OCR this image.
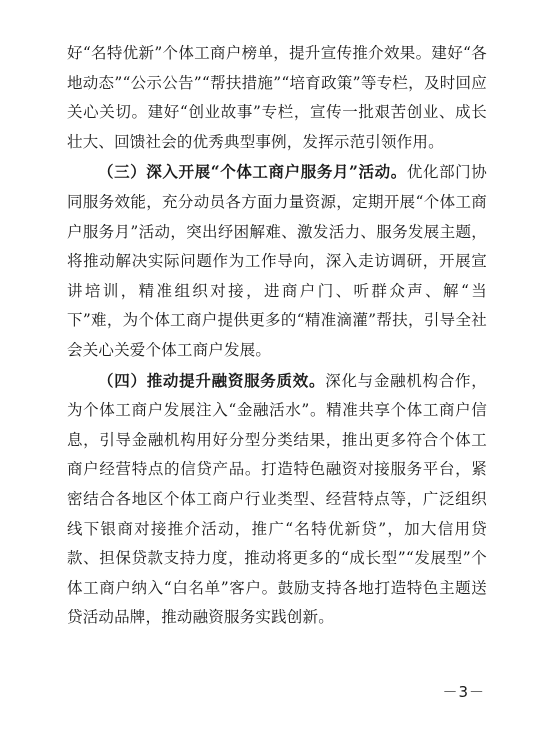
好“名特优新”个体工商户榜单，提升宣传推介效果。建好“各地动态”“公示公告”“帮扶措施”“培育政策”等专栏，及时回应关心关切。建好“创业故事”专栏，宣传一批艰苦创业、成长壮大、回馈社会的优秀典型事例，发挥示范引领作用。

（三）深入开展“个体工商户服务月”活动。优化部门协同服务效能，充分动员各方面力量资源，定期开展“个体工商户服务月”活动，突出纾困解难、激发活力、服务发展主题，将推动解决实际问题作为工作导向，深入走访调研，开展宣讲培训，精准组织对接，进商户门、听群众声、解“当下”难，为个体工商户提供更多的“精准滴灌”帮扶，引导全社会关心关爱个体工商户发展。

（四）推动提升融资服务质效。深化与金融机构合作，为个体工商户发展注入“金融活水”。精准共享个体工商户信息，引导金融机构用好分型分类结果，推出更多符合个体工商户经营特点的信贷产品。打造特色融资对接服务平台，紧密结合各地区个体工商户行业类型、经营特点等，广泛组织线下银商对接推介活动，推广“名特优新贷”，加大信用贷款、担保贷款支持力度，推动将更多的“成长型”“发展型”个体工商户纳入“白名单”客户。鼓励支持各地打造特色主题送贷活动品牌，推动融资服务实践创新。

－3－
